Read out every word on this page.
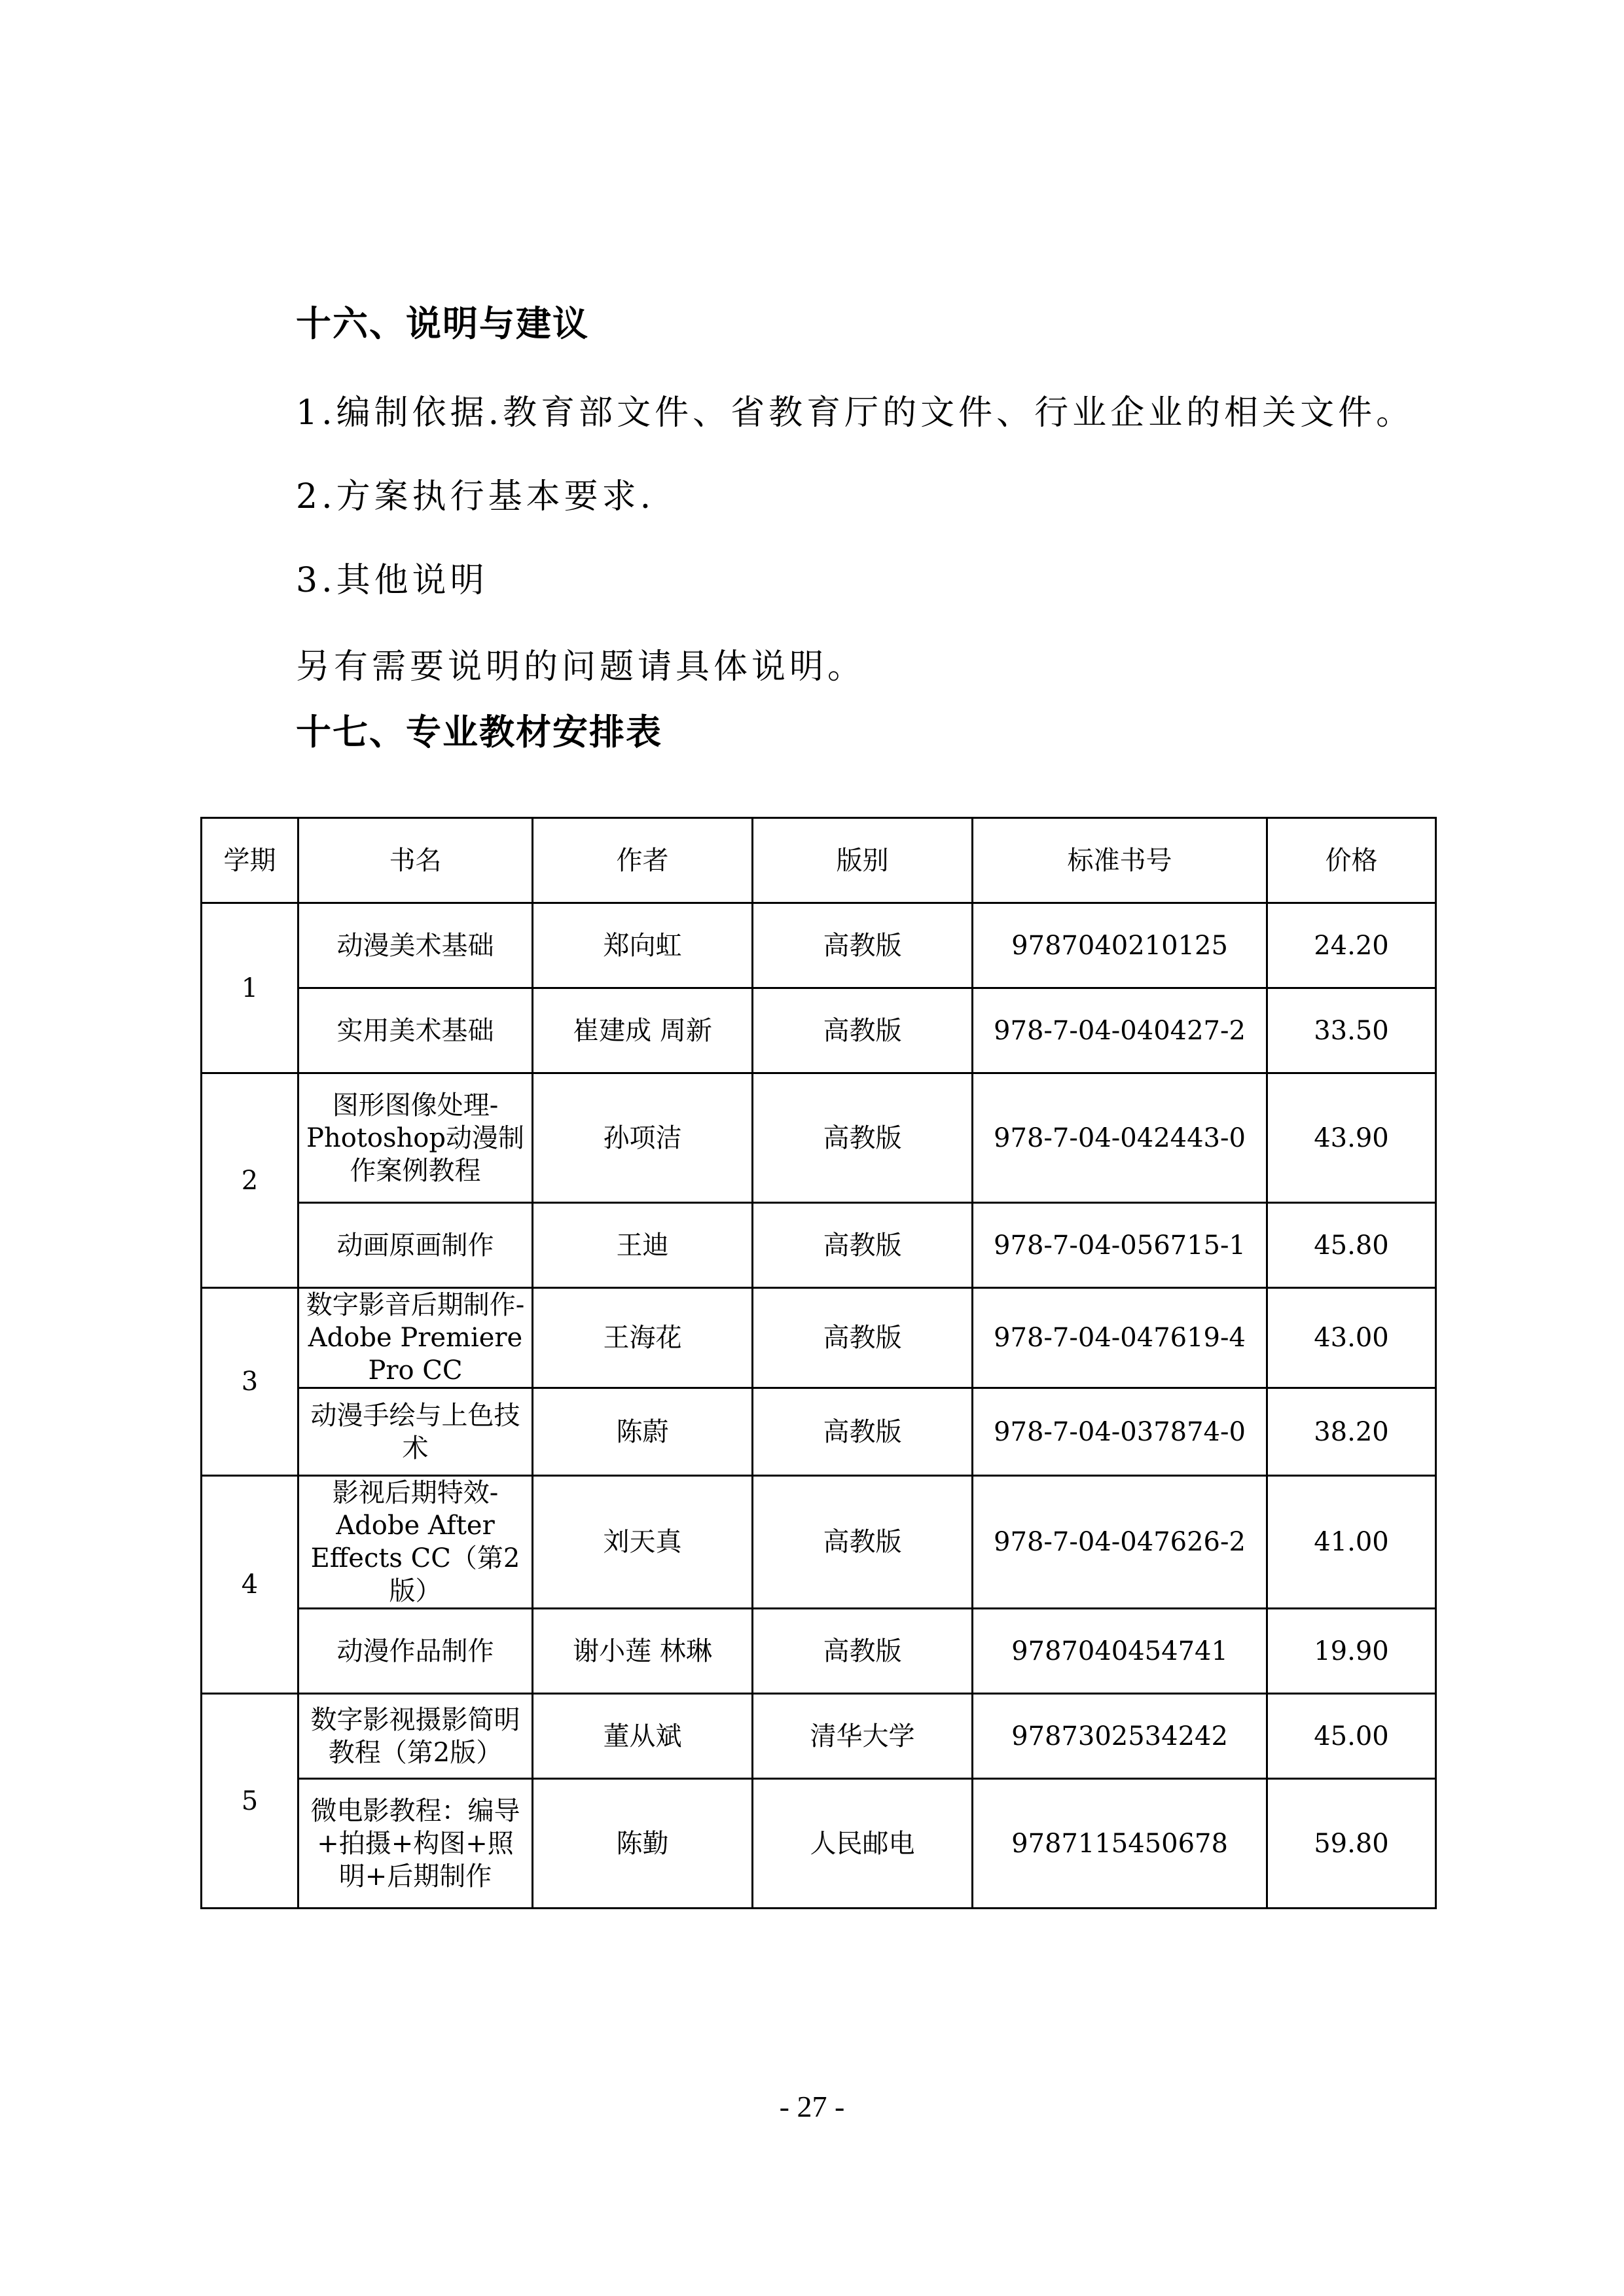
十六、说明与建议
1.编制依据.教育部文件、省教育厅的文件、行业企业的相关文件。
2.方案执行基本要求.
3.其他说明
另有需要说明的问题请具体说明。
十七、专业教材安排表
学期	书名	作者	版别	标准书号	价格
1	动漫美术基础	郑向虹	高教版	9787040210125	24.20
	实用美术基础	崔建成 周新	高教版	978-7-04-040427-2	33.50
2	图形图像处理-Photoshop动漫制作案例教程	孙项洁	高教版	978-7-04-042443-0	43.90
	动画原画制作	王迪	高教版	978-7-04-056715-1	45.80
3	数字影音后期制作-Adobe Premiere Pro CC	王海花	高教版	978-7-04-047619-4	43.00
	动漫手绘与上色技术	陈蔚	高教版	978-7-04-037874-0	38.20
4	影视后期特效-Adobe After Effects CC（第2版）	刘天真	高教版	978-7-04-047626-2	41.00
	动漫作品制作	谢小莲 林琳	高教版	9787040454741	19.90
5	数字影视摄影简明教程（第2版）	董从斌	清华大学	9787302534242	45.00
	微电影教程：编导+拍摄+构图+照明+后期制作	陈勤	人民邮电	9787115450678	59.80
- 27 -
